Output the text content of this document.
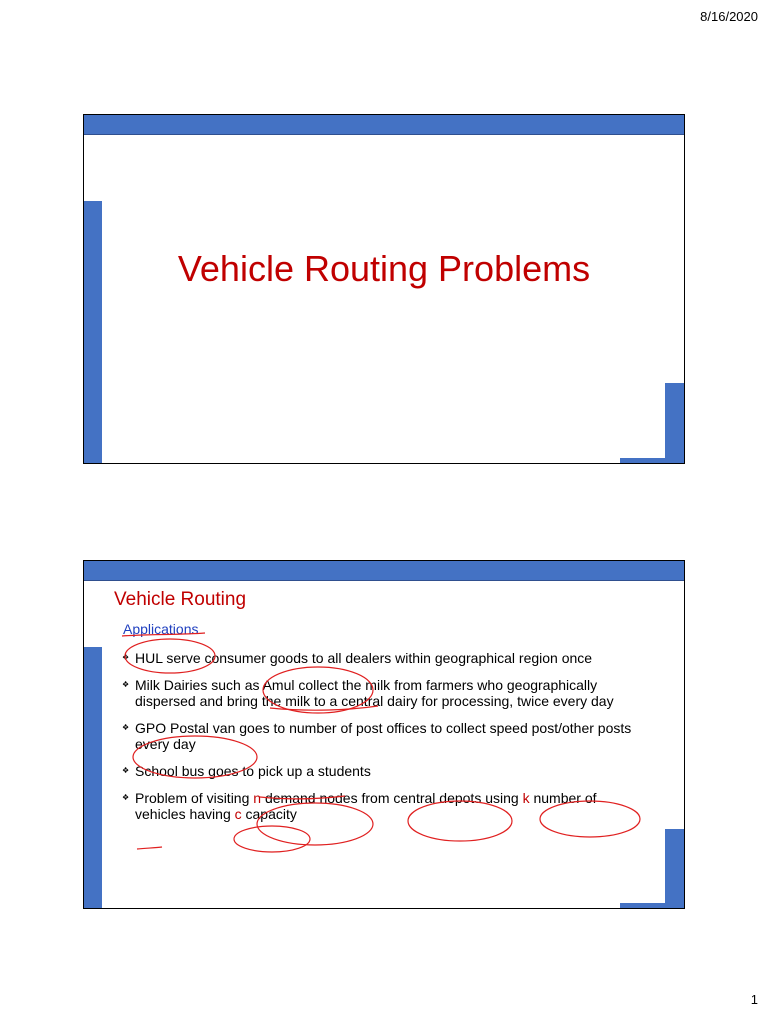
8/16/2020
Vehicle Routing Problems
Vehicle Routing
Applications
❖ HUL serve consumer goods to all dealers within geographical region once
❖ Milk Dairies such as Amul collect the milk from farmers who geographically dispersed and bring the milk to a central dairy for processing, twice every day
❖ GPO Postal van goes to number of post offices to collect speed post/other posts every day
❖ School bus goes to pick up a students
❖ Problem of visiting n demand nodes from central depots using k number of vehicles having c capacity
1
